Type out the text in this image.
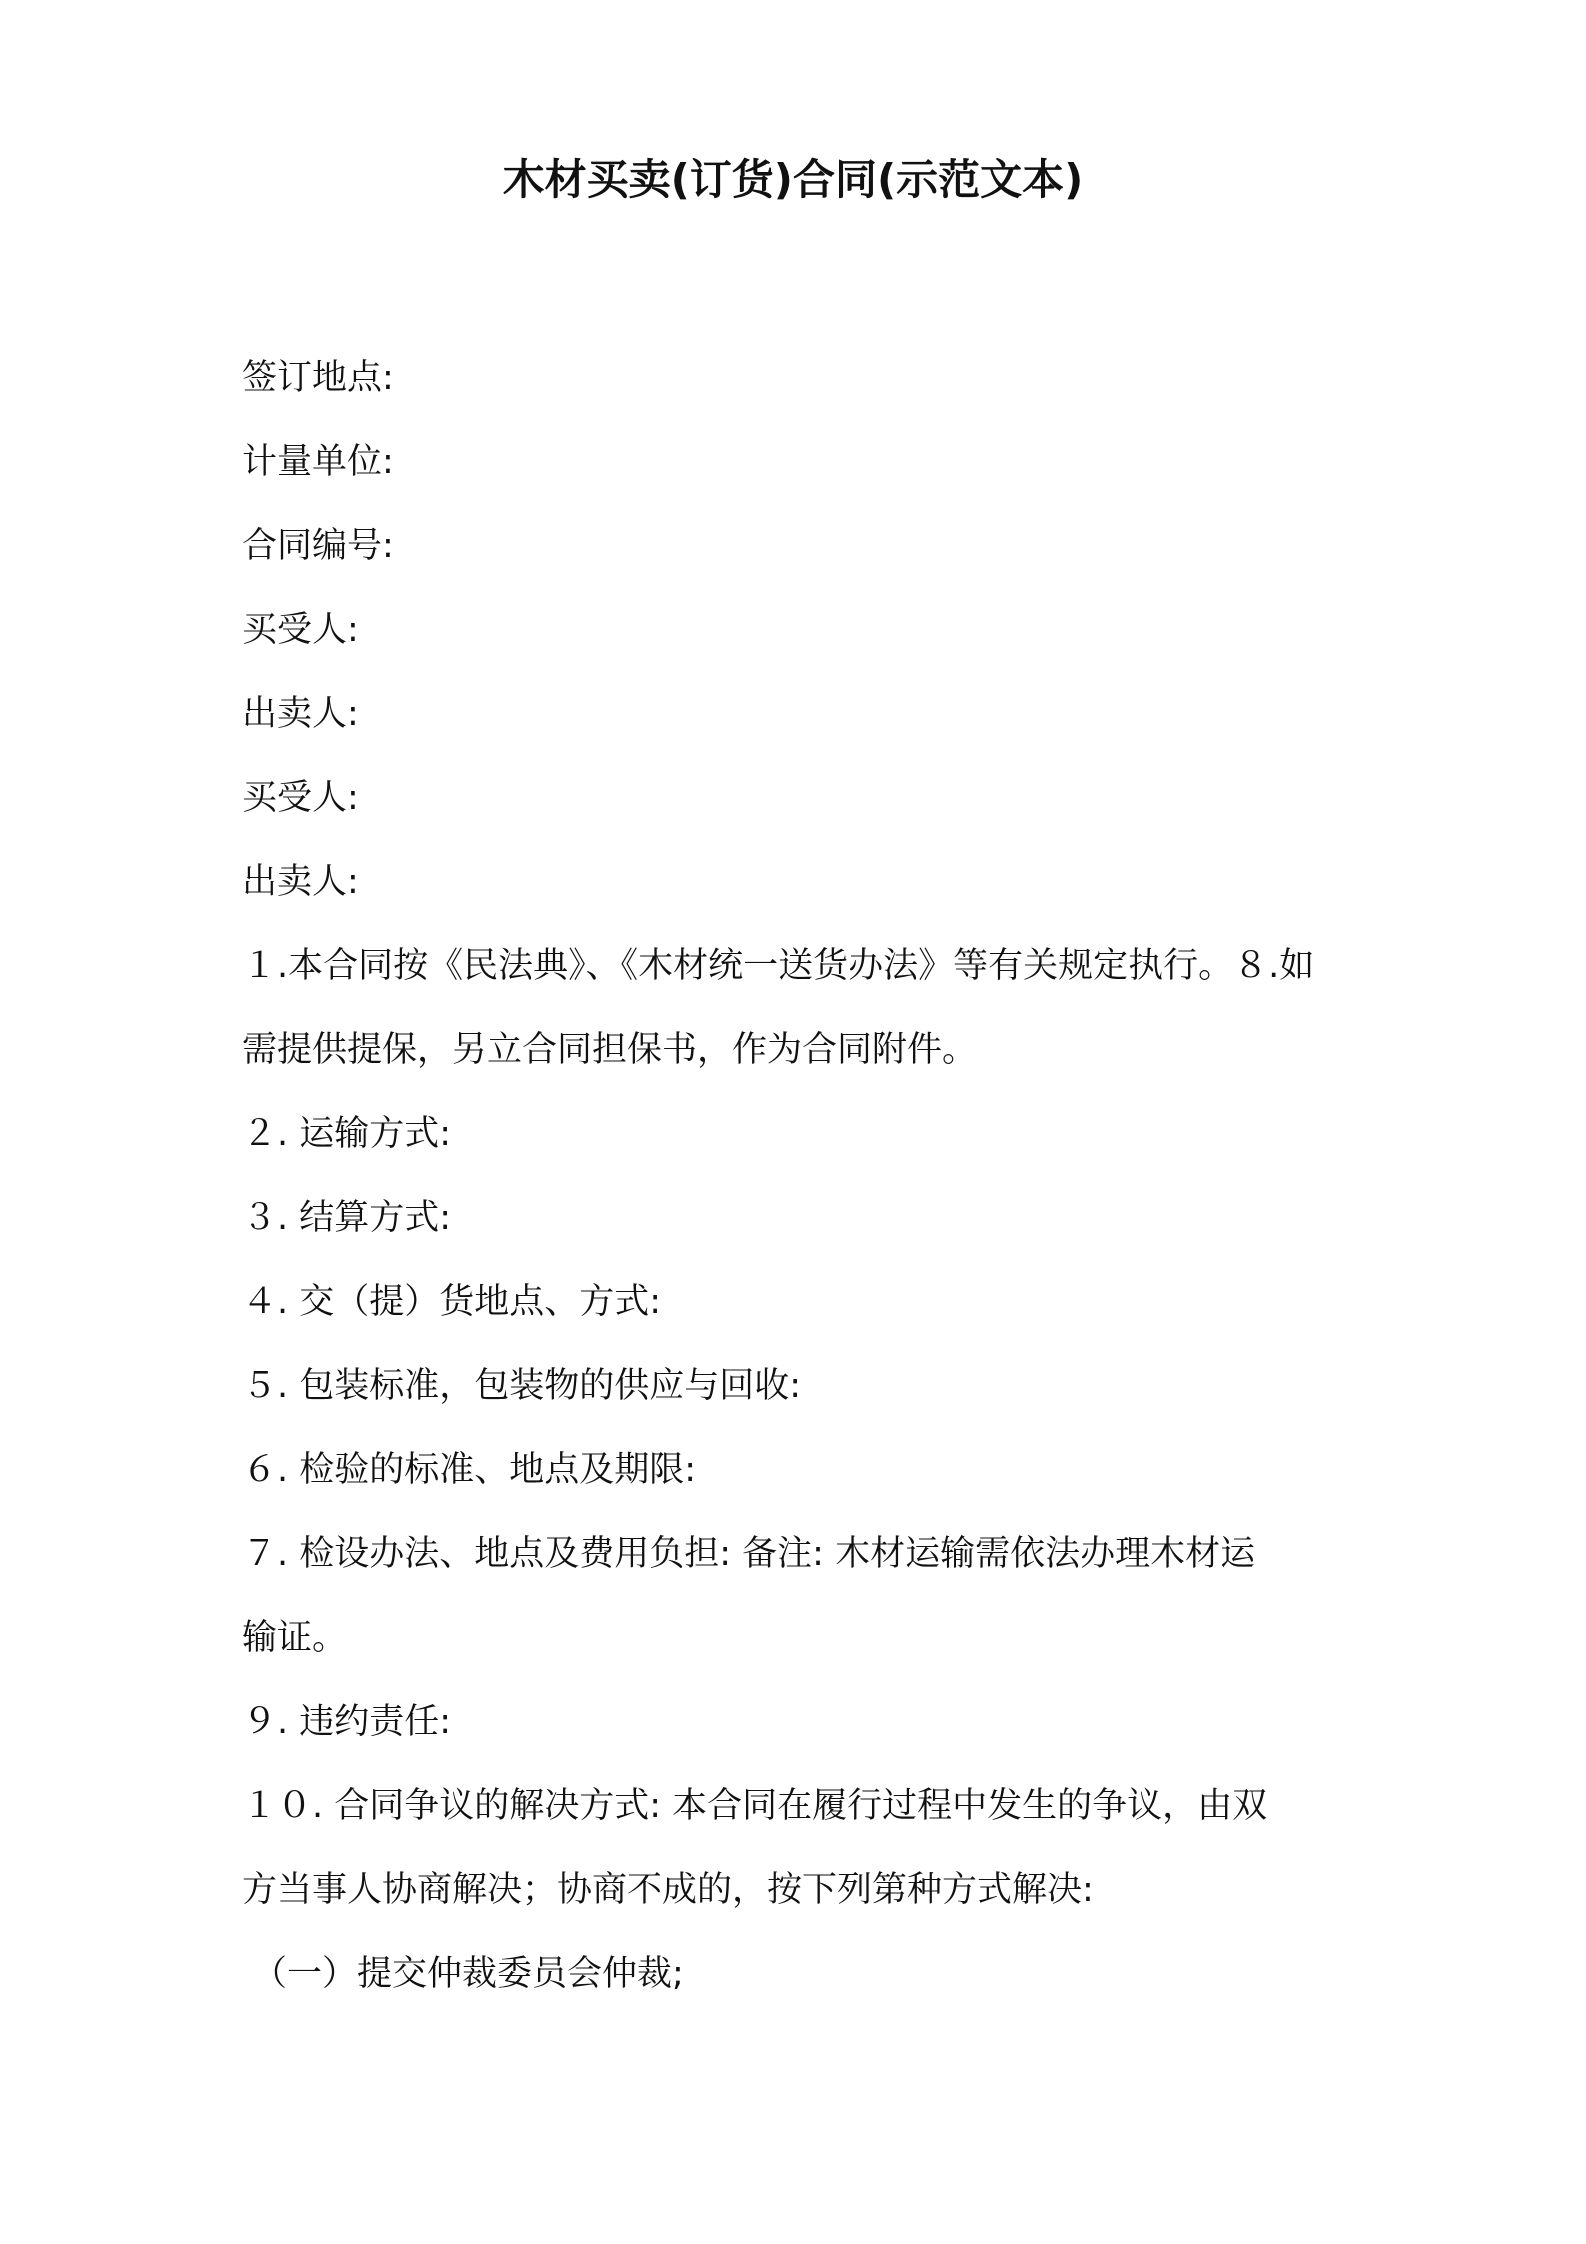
木材买卖(订货)合同(示范文本)
签订地点:
计量单位:
合同编号:
买受人:
出卖人:
买受人:
出卖人:
１.本合同按《民法典》、《木材统一送货办法》等有关规定执行。８.如
需提供提保，另立合同担保书，作为合同附件。
２. 运输方式:
３. 结算方式:
４. 交（提）货地点、方式:
５. 包装标准，包装物的供应与回收:
６. 检验的标准、地点及期限:
７. 检设办法、地点及费用负担: 备注: 木材运输需依法办理木材运
输证。
９. 违约责任:
１０. 合同争议的解决方式: 本合同在履行过程中发生的争议，由双
方当事人协商解决；协商不成的，按下列第种方式解决:
（一）提交仲裁委员会仲裁;
